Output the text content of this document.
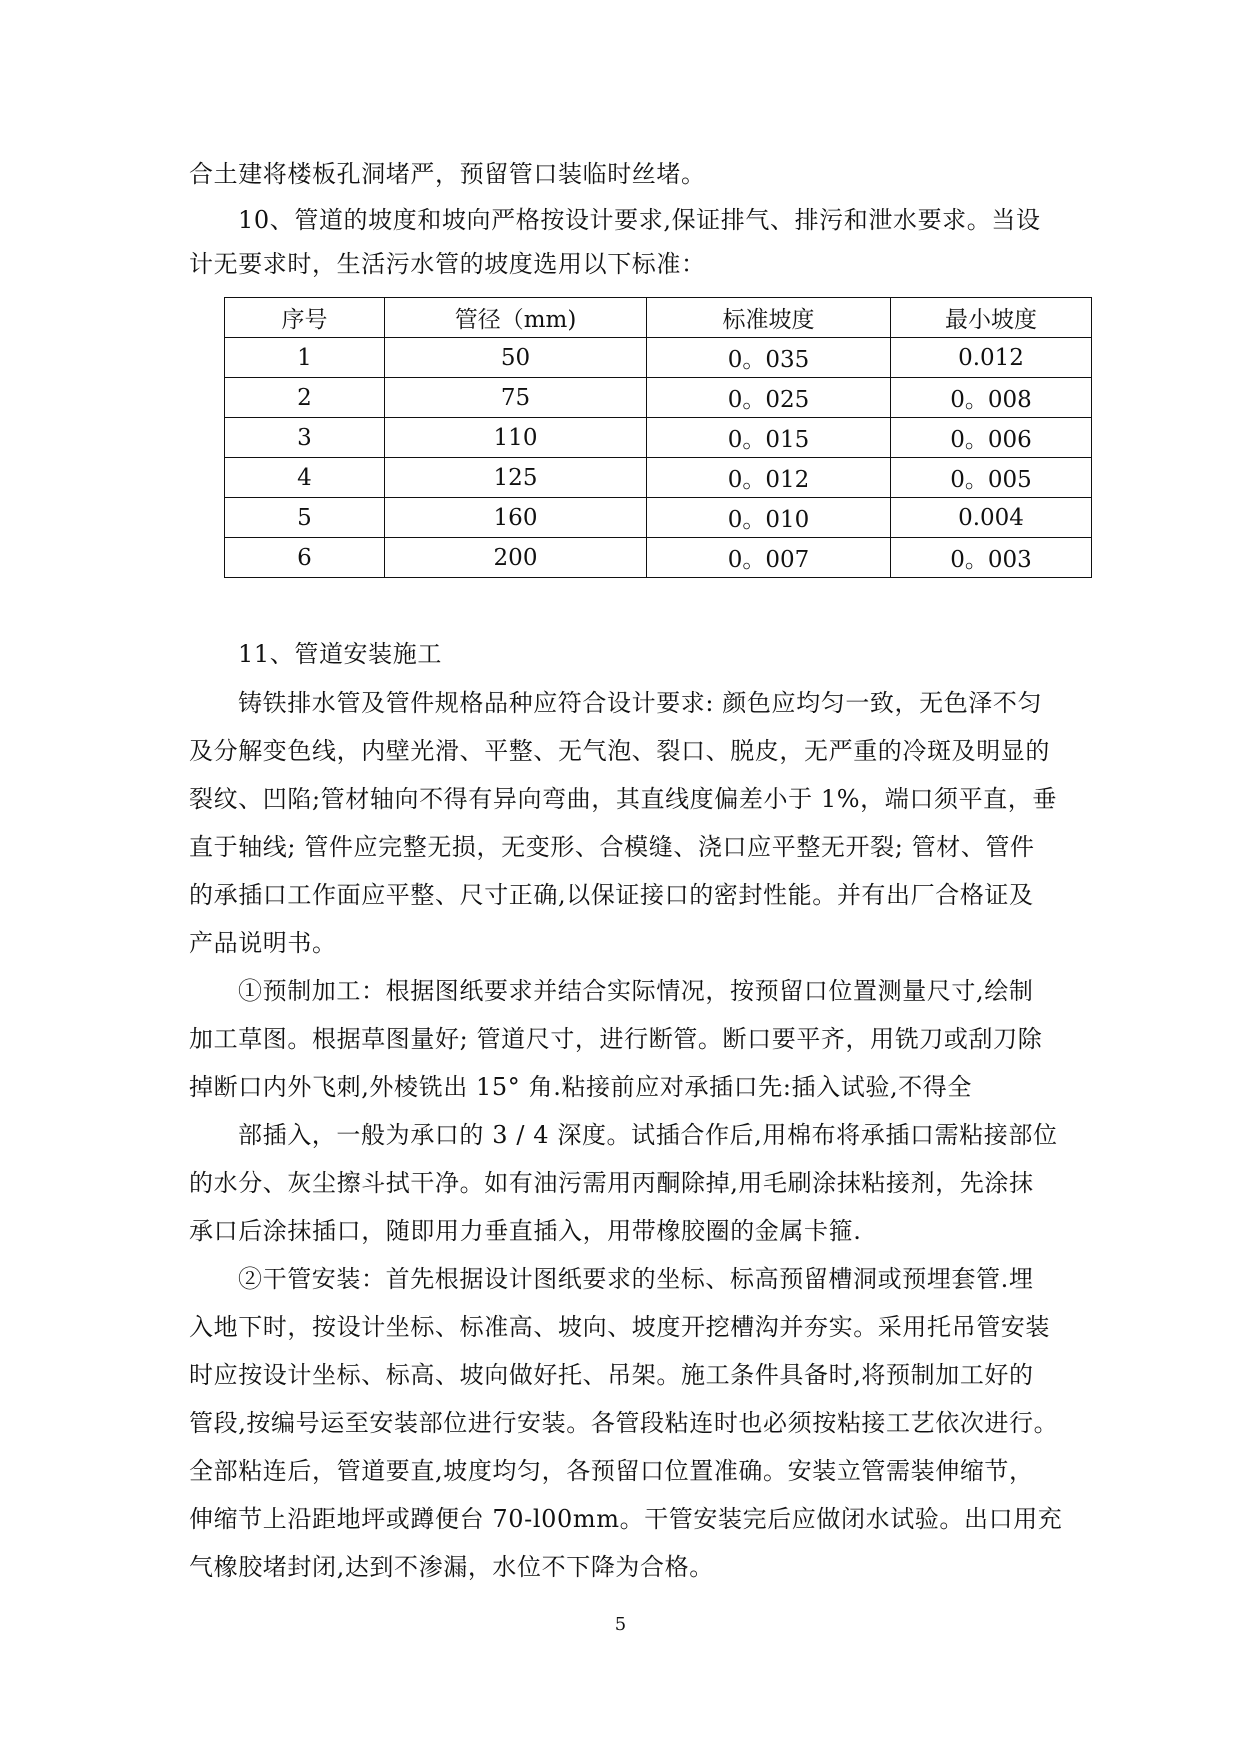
合土建将楼板孔洞堵严，预留管口装临时丝堵。
10、管道的坡度和坡向严格按设计要求,保证排气、排污和泄水要求。当设
计无要求时，生活污水管的坡度选用以下标准：
序号	管径（mm)	标准坡度	最小坡度
1	50	0。035	0.012
2	75	0。025	0。008
3	110	0。015	0。006
4	125	0。012	0。005
5	160	0。010	0.004
6	200	0。007	0。003
11、管道安装施工
铸铁排水管及管件规格品种应符合设计要求: 颜色应均匀一致，无色泽不匀
及分解变色线，内壁光滑、平整、无气泡、裂口、脱皮，无严重的冷斑及明显的
裂纹、凹陷;管材轴向不得有异向弯曲，其直线度偏差小于 1%，端口须平直，垂
直于轴线; 管件应完整无损，无变形、合模缝、浇口应平整无开裂; 管材、管件
的承插口工作面应平整、尺寸正确,以保证接口的密封性能。并有出厂合格证及
产品说明书。
①预制加工：根据图纸要求并结合实际情况，按预留口位置测量尺寸,绘制
加工草图。根据草图量好; 管道尺寸，进行断管。断口要平齐，用铣刀或刮刀除
掉断口内外飞刺,外棱铣出 15° 角.粘接前应对承插口先:插入试验,不得全
部插入，一般为承口的 3 / 4 深度。试插合作后,用棉布将承插口需粘接部位
的水分、灰尘擦斗拭干净。如有油污需用丙酮除掉,用毛刷涂抹粘接剂，先涂抹
承口后涂抹插口，随即用力垂直插入，用带橡胶圈的金属卡箍.
②干管安装：首先根据设计图纸要求的坐标、标高预留槽洞或预埋套管.埋
入地下时，按设计坐标、标准高、坡向、坡度开挖槽沟并夯实。采用托吊管安装
时应按设计坐标、标高、坡向做好托、吊架。施工条件具备时,将预制加工好的
管段,按编号运至安装部位进行安装。各管段粘连时也必须按粘接工艺依次进行。
全部粘连后，管道要直,坡度均匀，各预留口位置准确。安装立管需装伸缩节，
伸缩节上沿距地坪或蹲便台 70-l00mm。干管安装完后应做闭水试验。出口用充
气橡胶堵封闭,达到不渗漏，水位不下降为合格。
5
